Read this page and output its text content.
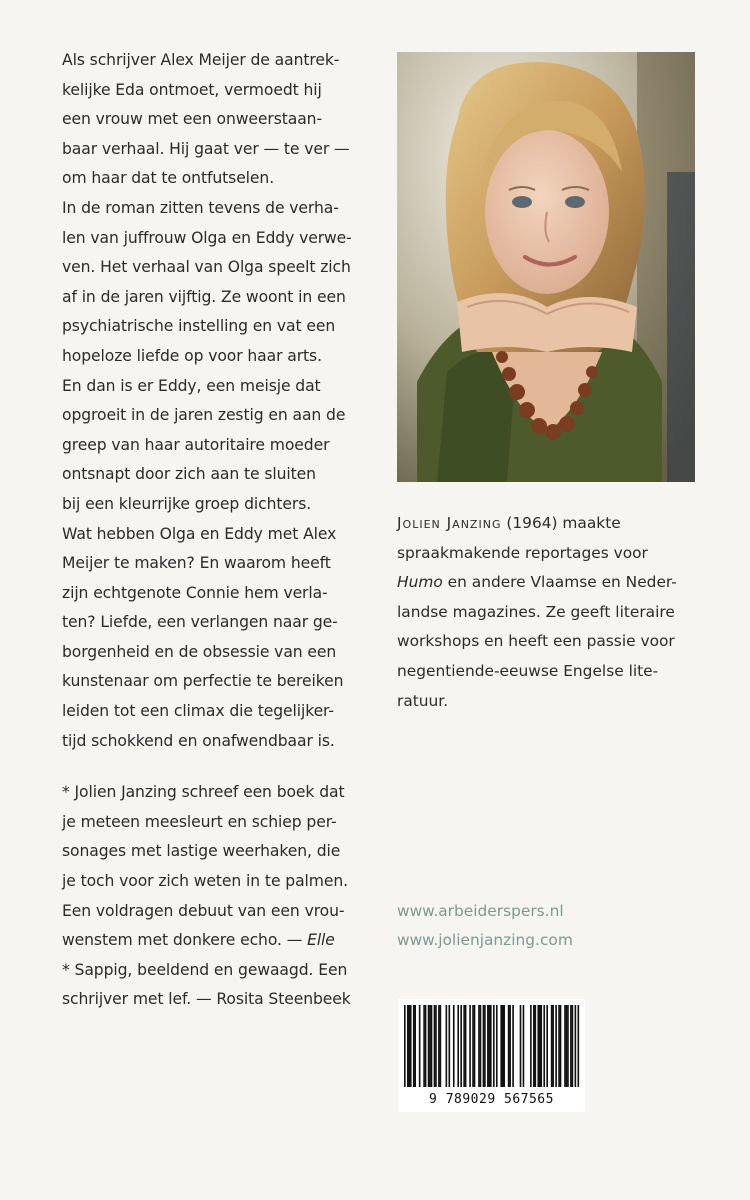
Als schrijver Alex Meijer de aantrek-
kelijke Eda ontmoet, vermoedt hij
een vrouw met een onweerstaan-
baar verhaal. Hij gaat ver — te ver —
om haar dat te ontfutselen.
In de roman zitten tevens de verha-
len van juffrouw Olga en Eddy verwe-
ven. Het verhaal van Olga speelt zich
af in de jaren vijftig. Ze woont in een
psychiatrische instelling en vat een
hopeloze liefde op voor haar arts.
En dan is er Eddy, een meisje dat
opgroeit in de jaren zestig en aan de
greep van haar autoritaire moeder
ontsnapt door zich aan te sluiten
bij een kleurrijke groep dichters.
Wat hebben Olga en Eddy met Alex
Meijer te maken? En waarom heeft
zijn echtgenote Connie hem verla-
ten? Liefde, een verlangen naar ge-
borgenheid en de obsessie van een
kunstenaar om perfectie te bereiken
leiden tot een climax die tegelijker-
tijd schokkend en onafwendbaar is.
* Jolien Janzing schreef een boek dat
je meteen meesleurt en schiep per-
sonages met lastige weerhaken, die
je toch voor zich weten in te palmen.
Een voldragen debuut van een vrou-
wenstem met donkere echo. — Elle
* Sappig, beeldend en gewaagd. Een
schrijver met lef. — Rosita Steenbeek
Jolien Janzing (1964) maakte
spraakmakende reportages voor
Humo en andere Vlaamse en Neder-
landse magazines. Ze geeft literaire
workshops en heeft een passie voor
negentiende-eeuwse Engelse lite-
ratuur.
www.arbeiderspers.nl
www.jolienjanzing.com
9 789029 567565
